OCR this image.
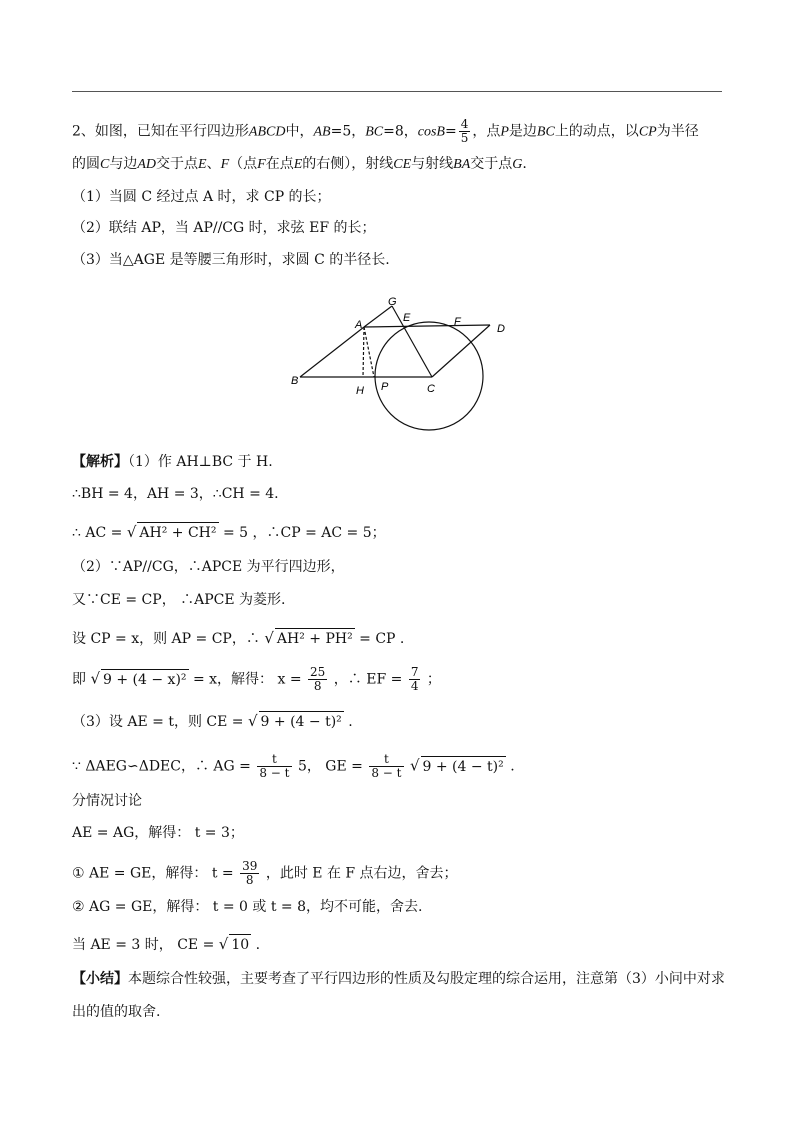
2、如图，已知在平行四边形ABCD中，AB=5，BC=8，$\cos B= \frac{4}{5}$ ，点P是边BC上的动点，以CP为半径
的圆C与边AD交于点E、F（点F在点E的右侧），射线CE与射线BA交于点G.
（1）当圆 C 经过点 A 时，求 CP 的长；
（2）联结 AP，当 AP//CG 时，求弦 EF 的长；
（3）当△AGE 是等腰三角形时，求圆 C 的半径长.
G
A
E	F
D
B
H P	C
【解析】（1）作 AH⊥BC 于 H.
∴BH = 4，AH = 3，∴CH = 4.
∴ AC = √ AH² + CH² = 5 ，∴CP = AC = 5；
（2）∵AP//CG，∴APCE 为平行四边形，
又∵CE = CP， ∴APCE 为菱形.
设 CP = x，则 AP = CP，∴ √ AH² + PH² = CP .
即 √ 9 + (4 − x)² = x，解得： $x = \frac{25}{8}$ ，∴ EF = $\frac{7}{4}$ ；
（3）设 AE = t，则 CE = √ 9 + (4 − t)² .
∵ ΔAEG∽ΔDEC，∴ AG = $\frac{t}{8 - t} 5$， GE = $\frac{t}{8 - t}$ √ 9 + (4 − t)² .
分情况讨论
AE = AG，解得： t = 3；
① AE = GE，解得： $t = \frac{39}{8}$ ，此时 E 在 F 点右边，舍去；
② AG = GE，解得： t = 0 或 t = 8，均不可能，舍去.
当 AE = 3 时， CE = √ 10 .
【小结】本题综合性较强，主要考查了平行四边形的性质及勾股定理的综合运用，注意第（3）小问中对求
出的值的取舍.
